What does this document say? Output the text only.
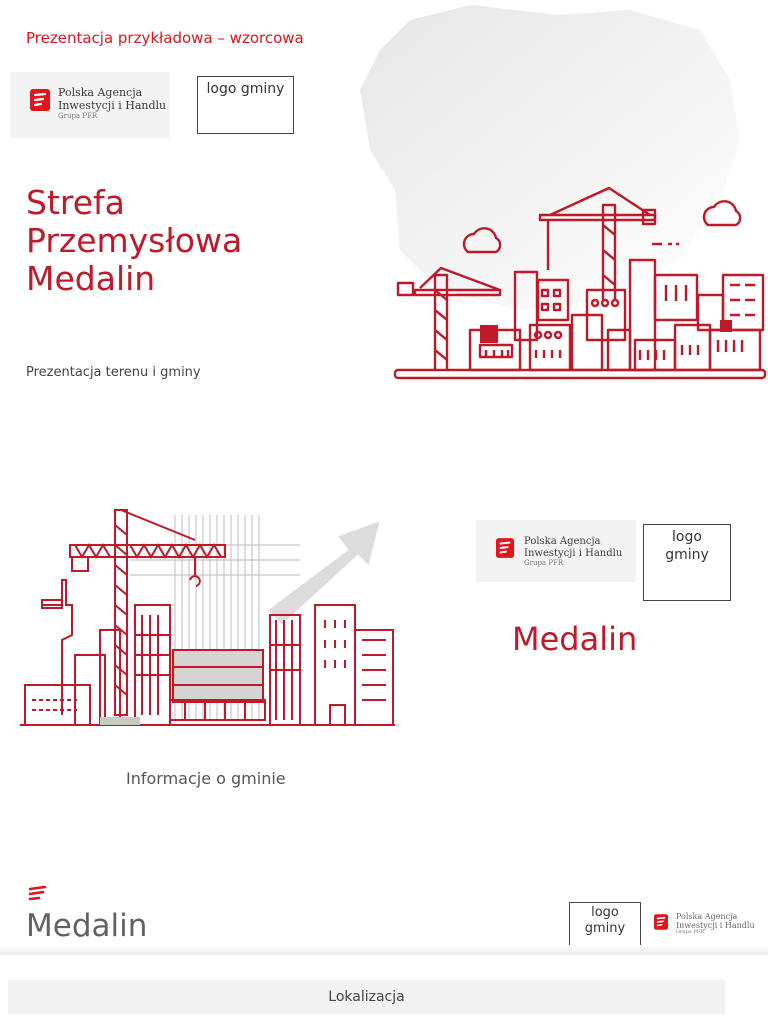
Prezentacja przykładowa – wzorcowa
Polska Agencja
Inwestycji i Handlu
Grupa PFR
logo gminy
Strefa
Przemysłowa
Medalin
Prezentacja terenu i gminy
Polska Agencja
Inwestycji i Handlu
Grupa PFR
logo
gminy
Medalin
Informacje o gminie
Medalin	logo
gminy
Polska Agencja
Inwestycji i Handlu
Grupa PFR
Lokalizacja
